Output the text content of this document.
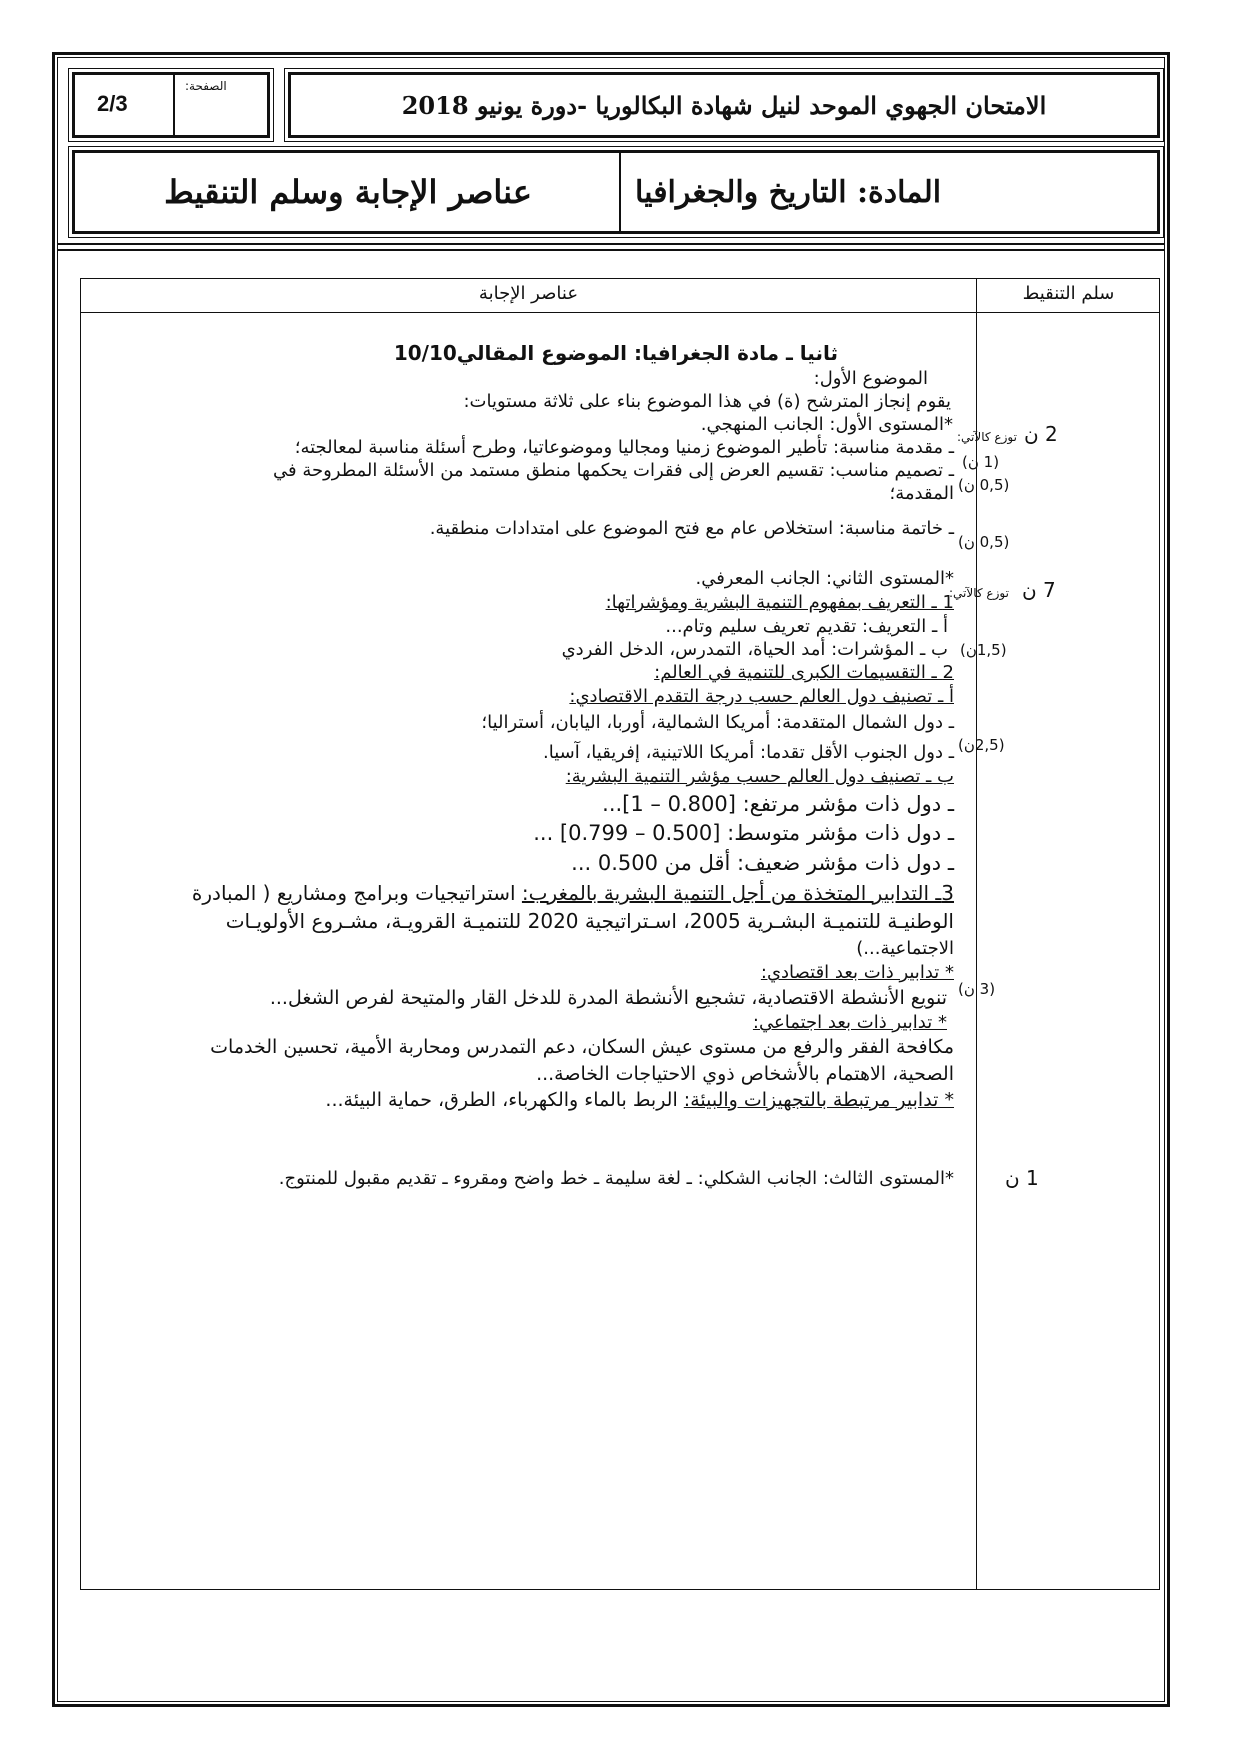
الامتحان الجهوي الموحد لنيل شهادة البكالوريا -دورة يونيو 2018
2/3
الصفحة:
المادة: التاريخ والجغرافيا
عناصر الإجابة وسلم التنقيط
عناصر الإجابة	سلم التنقيط
ثانيا ـ مادة الجغرافيا: الموضوع المقالي10/10
الموضوع الأول:
يقوم إنجاز المترشح (ة) في هذا الموضوع بناء على ثلاثة مستويات:
*المستوى الأول: الجانب المنهجي.
ـ مقدمة مناسبة: تأطير الموضوع زمنيا ومجاليا وموضوعاتيا، وطرح أسئلة مناسبة لمعالجته؛
ـ تصميم مناسب: تقسيم العرض إلى فقرات يحكمها منطق مستمد من الأسئلة المطروحة في
المقدمة؛
ـ خاتمة مناسبة: استخلاص عام مع فتح الموضوع على امتدادات منطقية.
*المستوى الثاني: الجانب المعرفي.
1 ـ التعريف بمفهوم التنمية البشرية ومؤشراتها:
أ ـ التعريف: تقديم تعريف سليم وتام...
ب ـ المؤشرات: أمد الحياة، التمدرس، الدخل الفردي
2 ـ التقسيمات الكبرى للتنمية في العالم:
أ ـ تصنيف دول العالم حسب درجة التقدم الاقتصادي:
ـ دول الشمال المتقدمة: أمريكا الشمالية، أوربا، اليابان، أستراليا؛
ـ دول الجنوب الأقل تقدما: أمريكا اللاتينية، إفريقيا، آسيا.
ب ـ تصنيف دول العالم حسب مؤشر التنمية البشرية:
ـ دول ذات مؤشر مرتفع: [0.800 – 1]...
ـ دول ذات مؤشر متوسط: [0.500 – 0.799] ...
ـ دول ذات مؤشر ضعيف: أقل من 0.500 ...
3ـ التدابير المتخذة من أجل التنمية البشرية بالمغرب: استراتيجيات وبرامج ومشاريع ( المبادرة
الوطنيـة للتنميـة البشـرية 2005، اسـتراتيجية 2020 للتنميـة القرويـة، مشـروع الأولويـات
الاجتماعية...)
* تدابير ذات بعد اقتصادي:
تنويع الأنشطة الاقتصادية، تشجيع الأنشطة المدرة للدخل القار والمتيحة لفرص الشغل...
* تدابير ذات بعد اجتماعي:
مكافحة الفقر والرفع من مستوى عيش السكان، دعم التمدرس ومحاربة الأمية، تحسين الخدمات
الصحية، الاهتمام بالأشخاص ذوي الاحتياجات الخاصة...
* تدابير مرتبطة بالتجهيزات والبيئة: الربط بالماء والكهرباء، الطرق، حماية البيئة...
*المستوى الثالث: الجانب الشكلي: ـ لغة سليمة ـ خط واضح ومقروء ـ تقديم مقبول للمنتوج.
2 ن
توزع كالآتي:
(1 ن)
(0,5 ن)
(0,5 ن)
7 ن
توزع كالآتي:
(1,5ن)
(2,5ن)
(3 ن)
1 ن
